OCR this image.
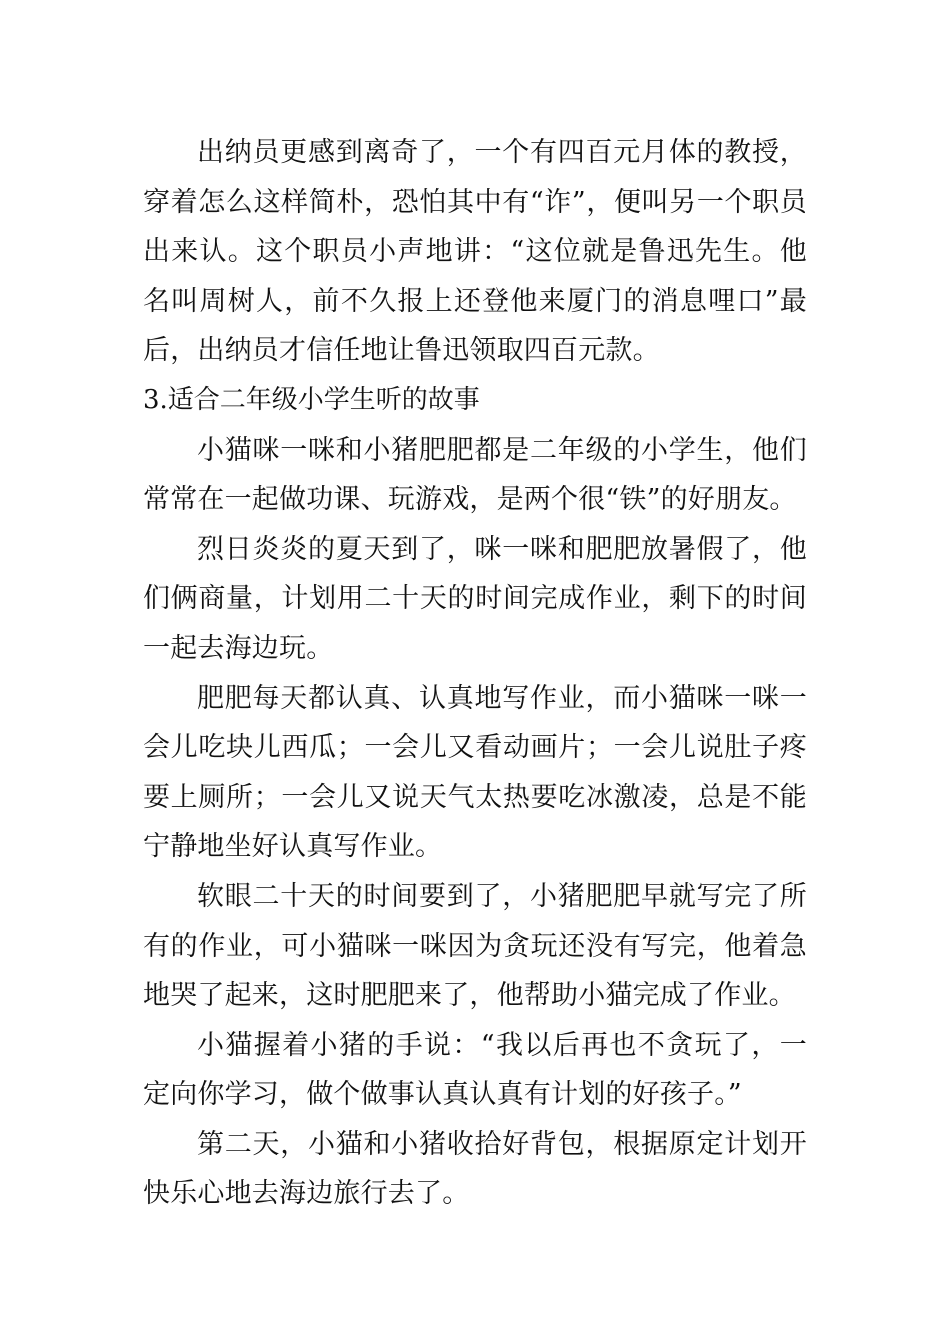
出纳员更感到离奇了，一个有四百元月体的教授，穿着怎么这样简朴，恐怕其中有“诈”，便叫另一个职员出来认。这个职员小声地讲：“这位就是鲁迅先生。他名叫周树人，前不久报上还登他来厦门的消息哩口”最后，出纳员才信任地让鲁迅领取四百元款。

3.适合二年级小学生听的故事

小猫咪一咪和小猪肥肥都是二年级的小学生，他们常常在一起做功课、玩游戏，是两个很“铁”的好朋友。

烈日炎炎的夏天到了，咪一咪和肥肥放暑假了，他们俩商量，计划用二十天的时间完成作业，剩下的时间一起去海边玩。

肥肥每天都认真、认真地写作业，而小猫咪一咪一会儿吃块儿西瓜；一会儿又看动画片；一会儿说肚子疼要上厕所；一会儿又说天气太热要吃冰激凌，总是不能宁静地坐好认真写作业。

软眼二十天的时间要到了，小猪肥肥早就写完了所有的作业，可小猫咪一咪因为贪玩还没有写完，他着急地哭了起来，这时肥肥来了，他帮助小猫完成了作业。

小猫握着小猪的手说：“我以后再也不贪玩了，一定向你学习，做个做事认真认真有计划的好孩子。”

第二天，小猫和小猪收拾好背包，根据原定计划开快乐心地去海边旅行去了。
